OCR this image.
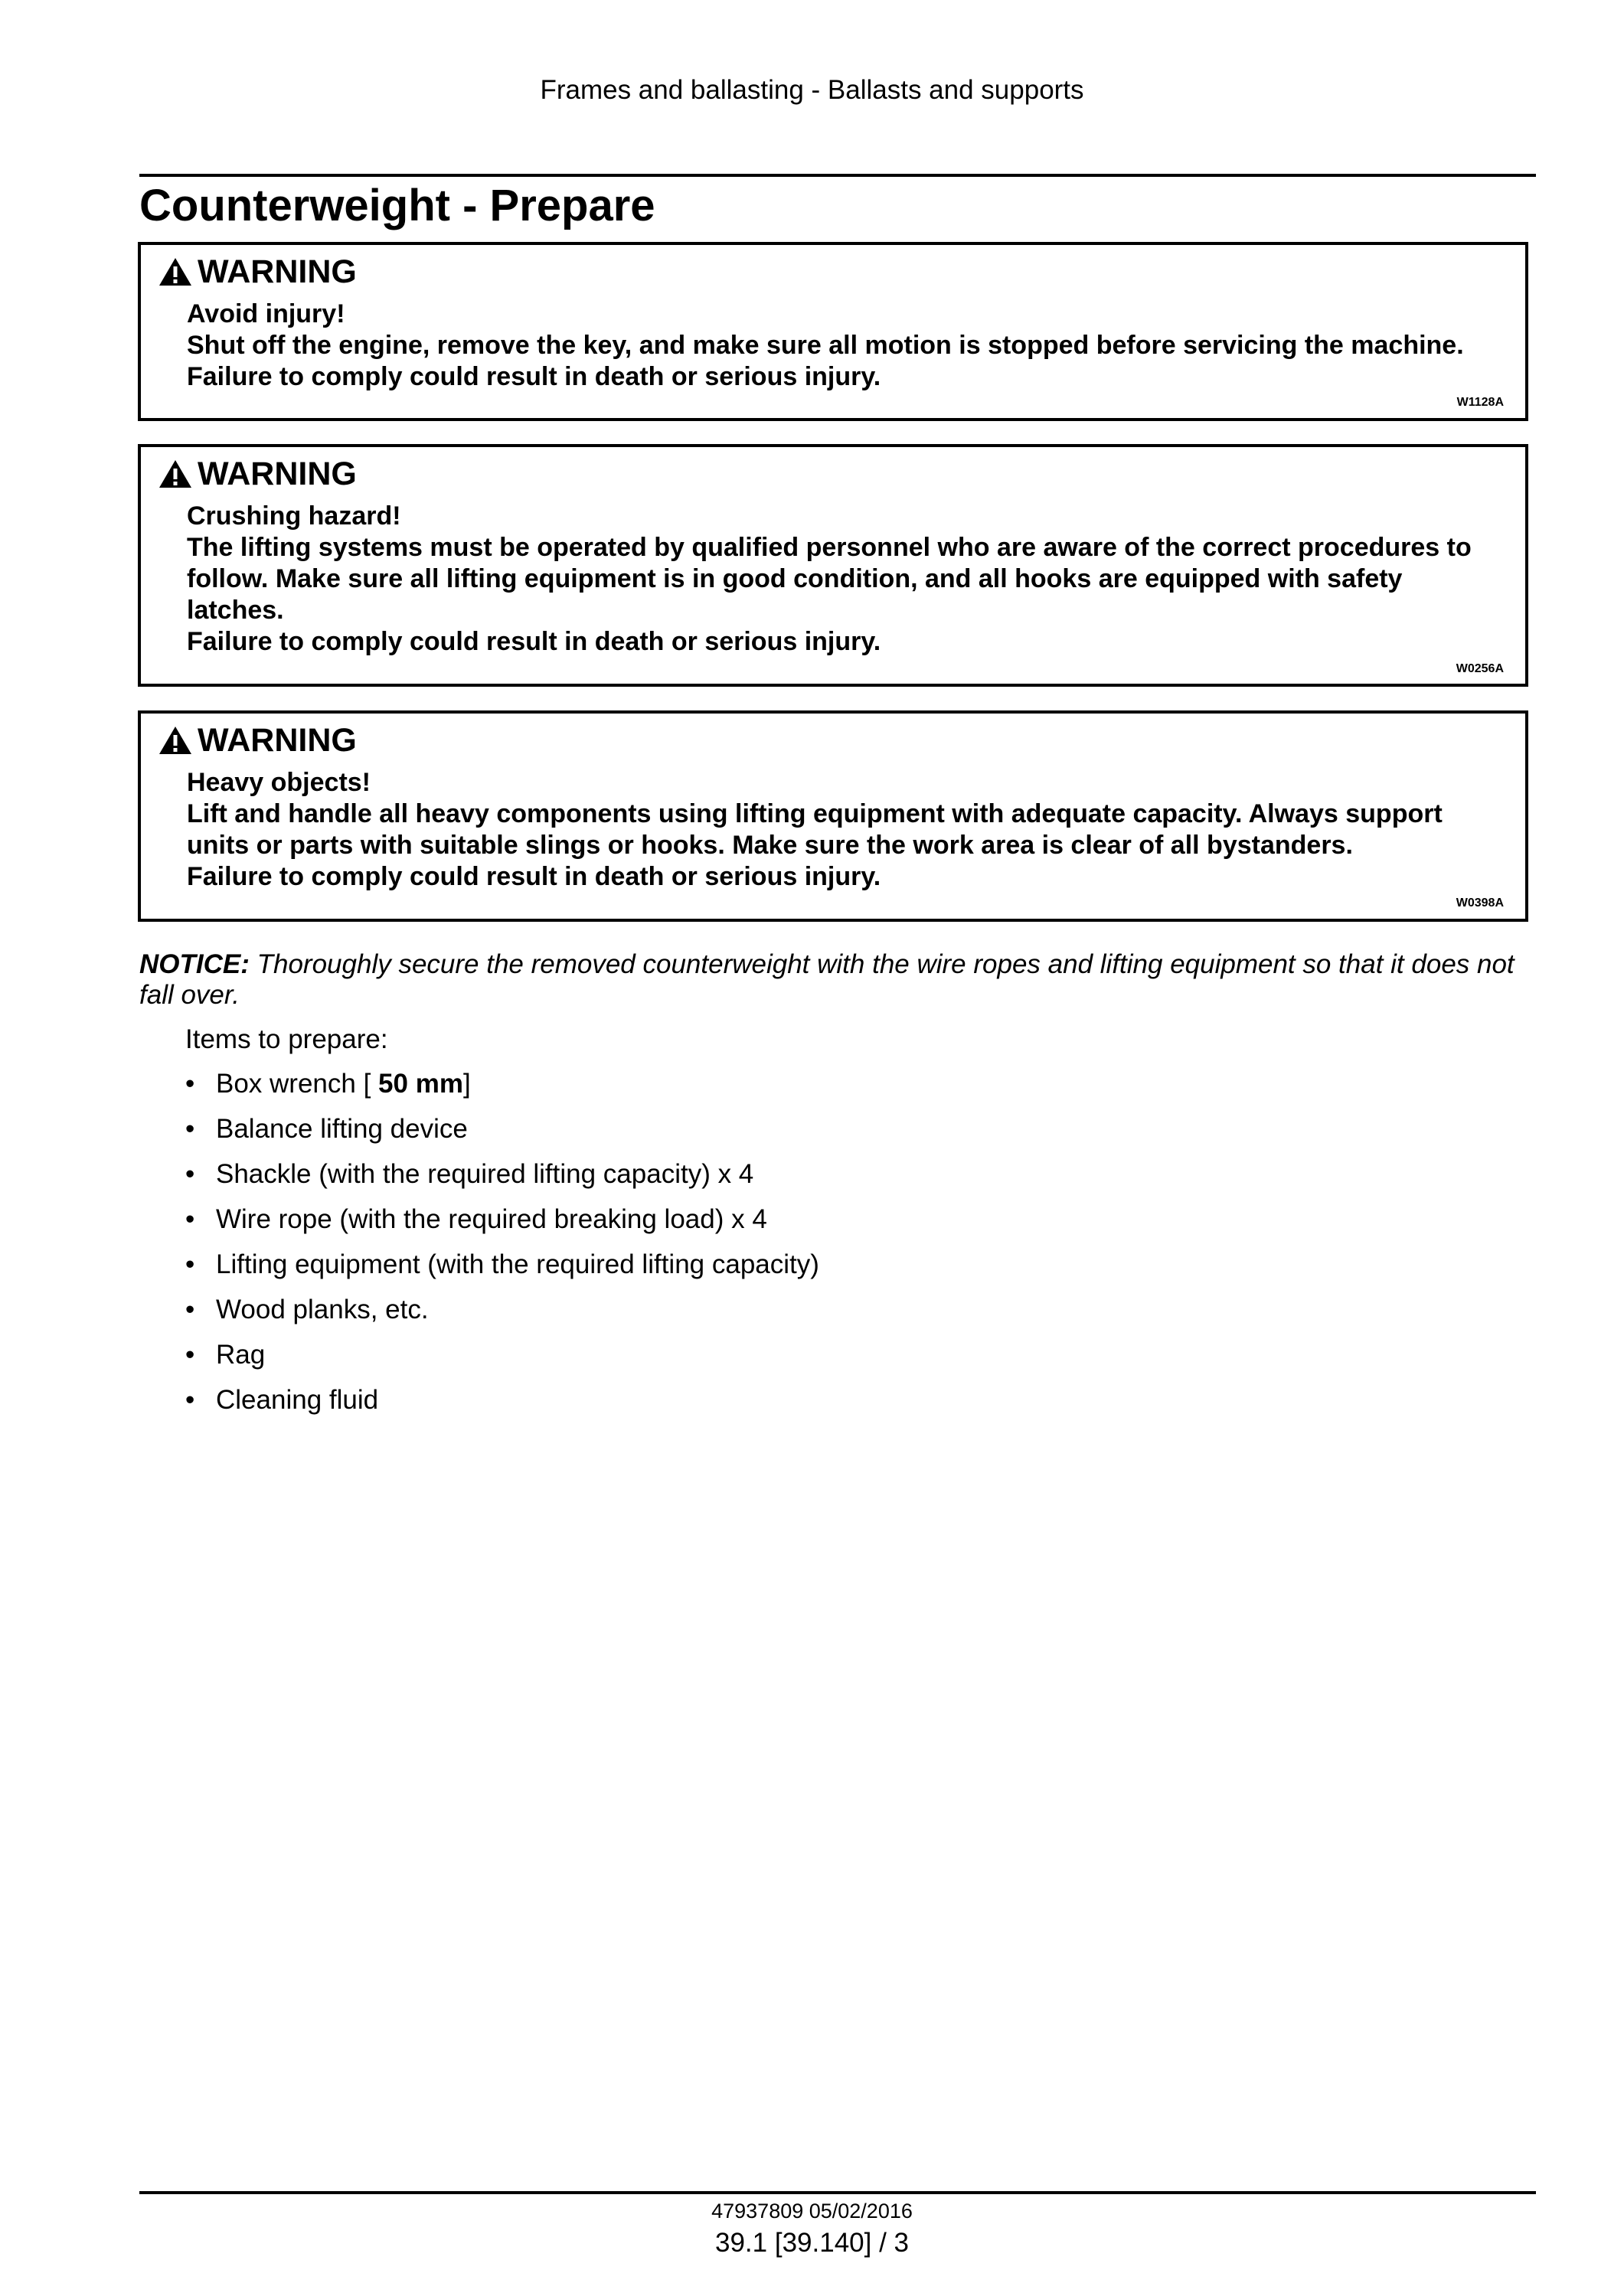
Frames and ballasting - Ballasts and supports
Counterweight - Prepare
WARNING
Avoid injury!
Shut off the engine, remove the key, and make sure all motion is stopped before servicing the machine.
Failure to comply could result in death or serious injury.
W1128A
WARNING
Crushing hazard!
The lifting systems must be operated by qualified personnel who are aware of the correct procedures to follow. Make sure all lifting equipment is in good condition, and all hooks are equipped with safety latches.
Failure to comply could result in death or serious injury.
W0256A
WARNING
Heavy objects!
Lift and handle all heavy components using lifting equipment with adequate capacity. Always support units or parts with suitable slings or hooks. Make sure the work area is clear of all bystanders.
Failure to comply could result in death or serious injury.
W0398A
NOTICE: Thoroughly secure the removed counterweight with the wire ropes and lifting equipment so that it does not fall over.
Items to prepare:
• Box wrench [ 50 mm]
• Balance lifting device
• Shackle (with the required lifting capacity) x 4
• Wire rope (with the required breaking load) x 4
• Lifting equipment (with the required lifting capacity)
• Wood planks, etc.
• Rag
• Cleaning fluid
47937809 05/02/2016
39.1 [39.140] / 3
